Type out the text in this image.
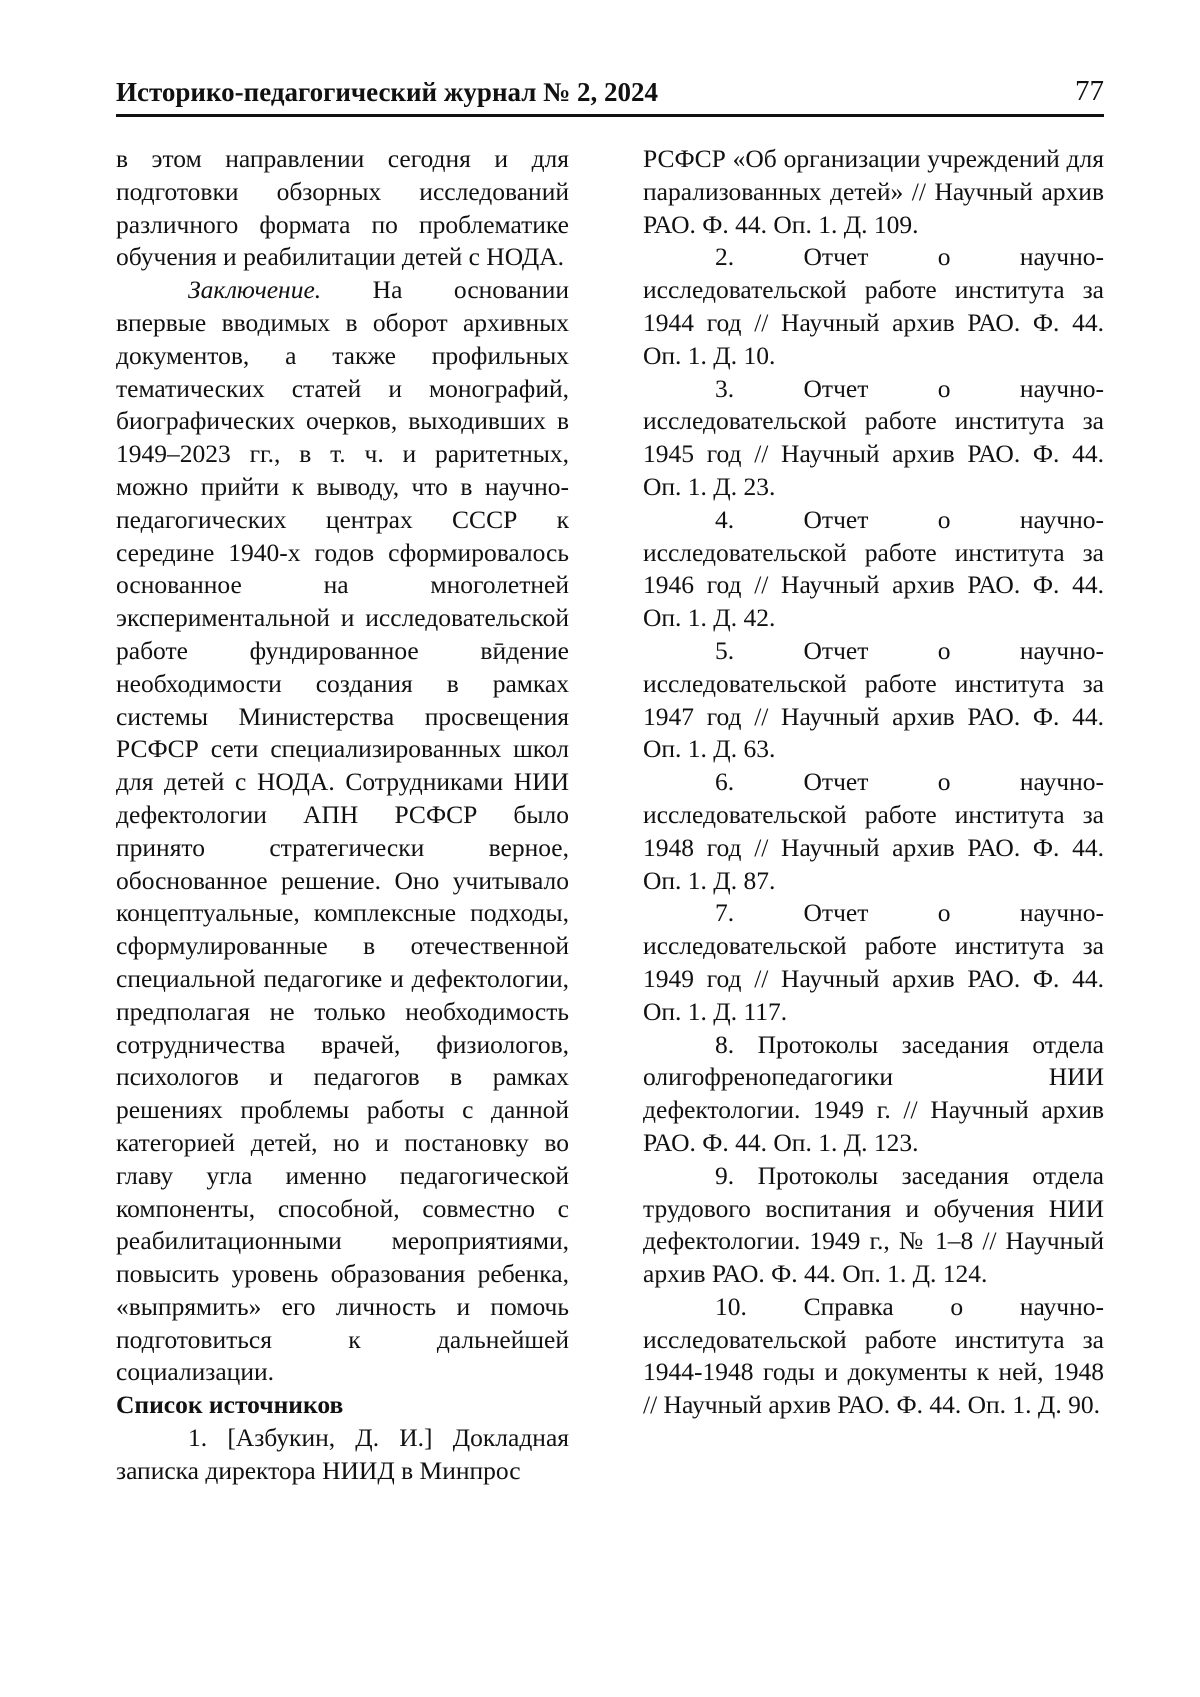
Историко-педагогический журнал № 2, 2024	77

в этом направлении сегодня и для подготовки обзорных исследований различного формата по проблематике обучения и реабилитации детей с НОДА.

Заключение. На основании впервые вводимых в оборот архивных документов, а также профильных тематических статей и монографий, биографических очерков, выходивших в 1949–2023 гг., в т. ч. и раритетных, можно прийти к выводу, что в научно-педагогических центрах СССР к середине 1940-х годов сформировалось основанное на многолетней экспериментальной и исследовательской работе фундированное вӣдение необходимости создания в рамках системы Министерства просвещения РСФСР сети специализированных школ для детей с НОДА. Сотрудниками НИИ дефектологии АПН РСФСР было принято стратегически верное, обоснованное решение. Оно учитывало концептуальные, комплексные подходы, сформулированные в отечественной специальной педагогике и дефектологии, предполагая не только необходимость сотрудничества врачей, физиологов, психологов и педагогов в рамках решениях проблемы работы с данной категорией детей, но и постановку во главу угла именно педагогической компоненты, способной, совместно с реабилитационными мероприятиями, повысить уровень образования ребенка, «выпрямить» его личность и помочь подготовиться к дальнейшей социализации.

Список источников

1. [Азбукин, Д. И.] Докладная записка директора НИИД в Минпрос

РСФСР «Об организации учреждений для парализованных детей» // Научный архив РАО. Ф. 44. Оп. 1. Д. 109.

2. Отчет о научно-исследовательской работе института за 1944 год // Научный архив РАО. Ф. 44. Оп. 1. Д. 10.

3. Отчет о научно-исследовательской работе института за 1945 год // Научный архив РАО. Ф. 44. Оп. 1. Д. 23.

4. Отчет о научно-исследовательской работе института за 1946 год // Научный архив РАО. Ф. 44. Оп. 1. Д. 42.

5. Отчет о научно-исследовательской работе института за 1947 год // Научный архив РАО. Ф. 44. Оп. 1. Д. 63.

6. Отчет о научно-исследовательской работе института за 1948 год // Научный архив РАО. Ф. 44. Оп. 1. Д. 87.

7. Отчет о научно-исследовательской работе института за 1949 год // Научный архив РАО. Ф. 44. Оп. 1. Д. 117.

8. Протоколы заседания отдела олигофренопедагогики НИИ дефектологии. 1949 г. // Научный архив РАО. Ф. 44. Оп. 1. Д. 123.

9. Протоколы заседания отдела трудового воспитания и обучения НИИ дефектологии. 1949 г., № 1–8 // Научный архив РАО. Ф. 44. Оп. 1. Д. 124.

10. Справка о научно-исследовательской работе института за 1944-1948 годы и документы к ней, 1948 // Научный архив РАО. Ф. 44. Оп. 1. Д. 90.
